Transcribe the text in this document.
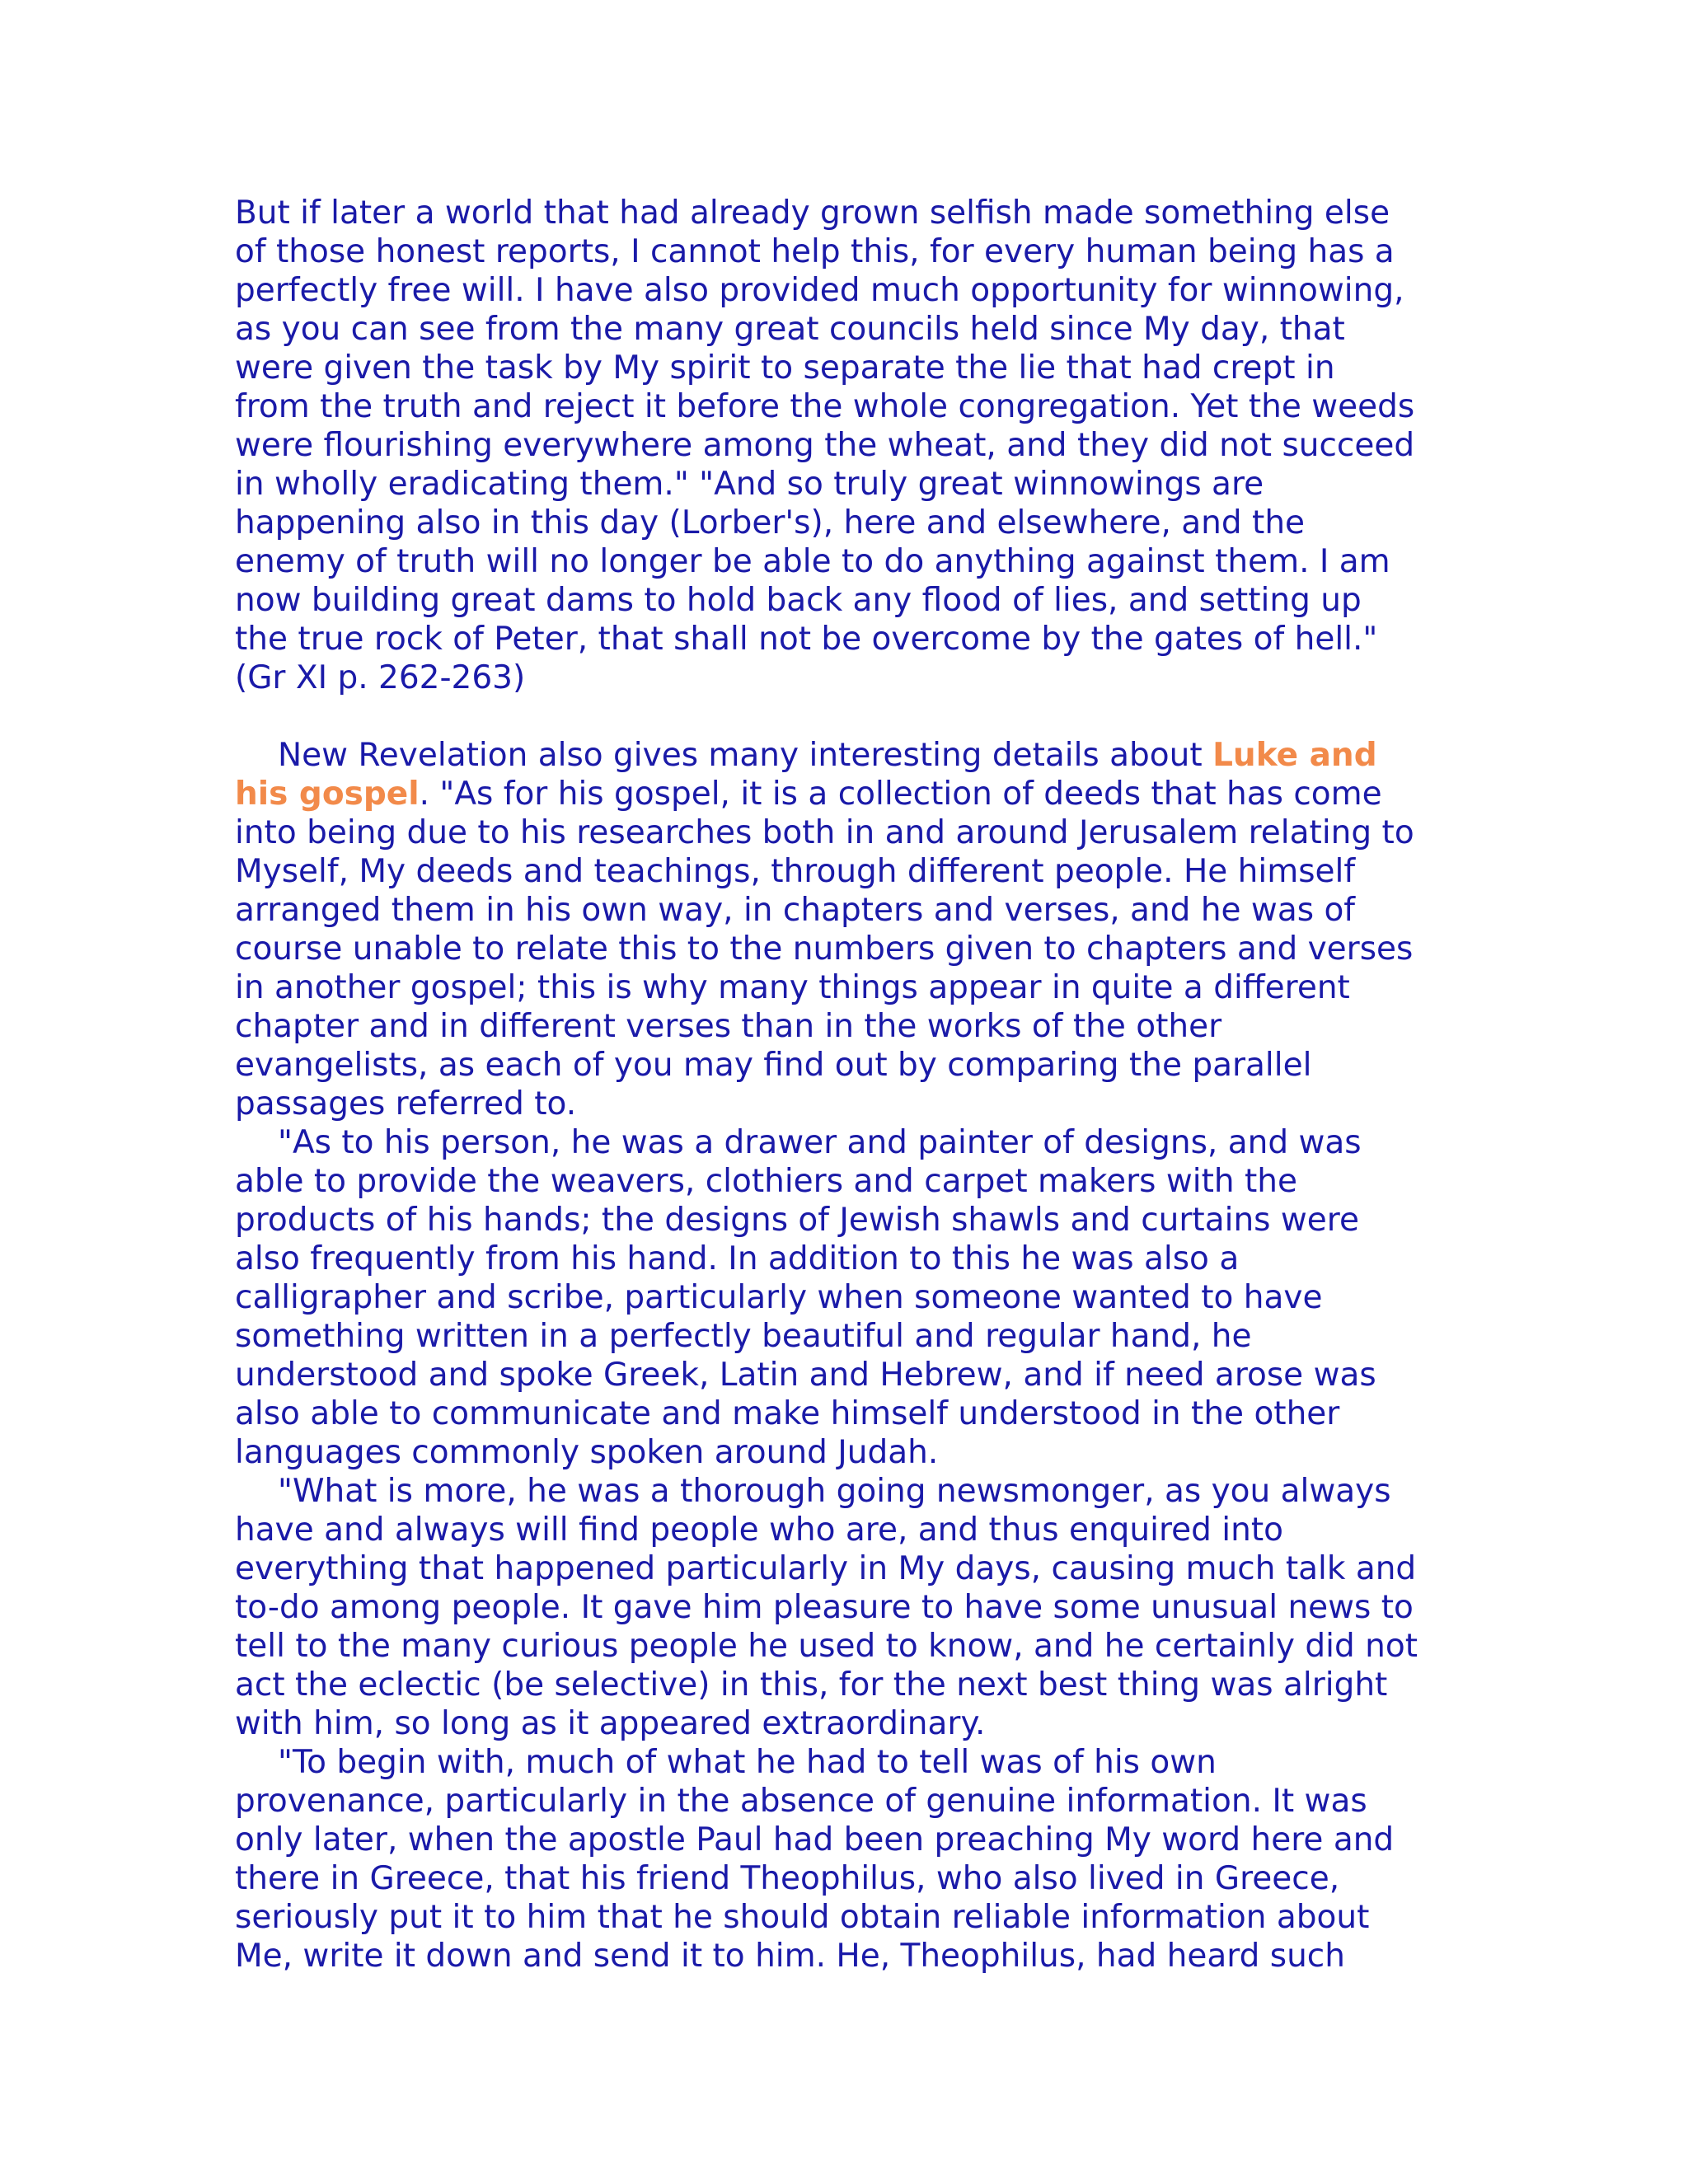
But if later a world that had already grown selfish made something else
of those honest reports, I cannot help this, for every human being has a
perfectly free will. I have also provided much opportunity for winnowing,
as you can see from the many great councils held since My day, that
were given the task by My spirit to separate the lie that had crept in
from the truth and reject it before the whole congregation. Yet the weeds
were flourishing everywhere among the wheat, and they did not succeed
in wholly eradicating them." "And so truly great winnowings are
happening also in this day (Lorber's), here and elsewhere, and the
enemy of truth will no longer be able to do anything against them. I am
now building great dams to hold back any flood of lies, and setting up
the true rock of Peter, that shall not be overcome by the gates of hell."
(Gr XI p. 262-263)
New Revelation also gives many interesting details about Luke and
his gospel. "As for his gospel, it is a collection of deeds that has come
into being due to his researches both in and around Jerusalem relating to
Myself, My deeds and teachings, through different people. He himself
arranged them in his own way, in chapters and verses, and he was of
course unable to relate this to the numbers given to chapters and verses
in another gospel; this is why many things appear in quite a different
chapter and in different verses than in the works of the other
evangelists, as each of you may find out by comparing the parallel
passages referred to.
"As to his person, he was a drawer and painter of designs, and was
able to provide the weavers, clothiers and carpet makers with the
products of his hands; the designs of Jewish shawls and curtains were
also frequently from his hand. In addition to this he was also a
calligrapher and scribe, particularly when someone wanted to have
something written in a perfectly beautiful and regular hand, he
understood and spoke Greek, Latin and Hebrew, and if need arose was
also able to communicate and make himself understood in the other
languages commonly spoken around Judah.
"What is more, he was a thorough going newsmonger, as you always
have and always will find people who are, and thus enquired into
everything that happened particularly in My days, causing much talk and
to-do among people. It gave him pleasure to have some unusual news to
tell to the many curious people he used to know, and he certainly did not
act the eclectic (be selective) in this, for the next best thing was alright
with him, so long as it appeared extraordinary.
"To begin with, much of what he had to tell was of his own
provenance, particularly in the absence of genuine information. It was
only later, when the apostle Paul had been preaching My word here and
there in Greece, that his friend Theophilus, who also lived in Greece,
seriously put it to him that he should obtain reliable information about
Me, write it down and send it to him. He, Theophilus, had heard such
